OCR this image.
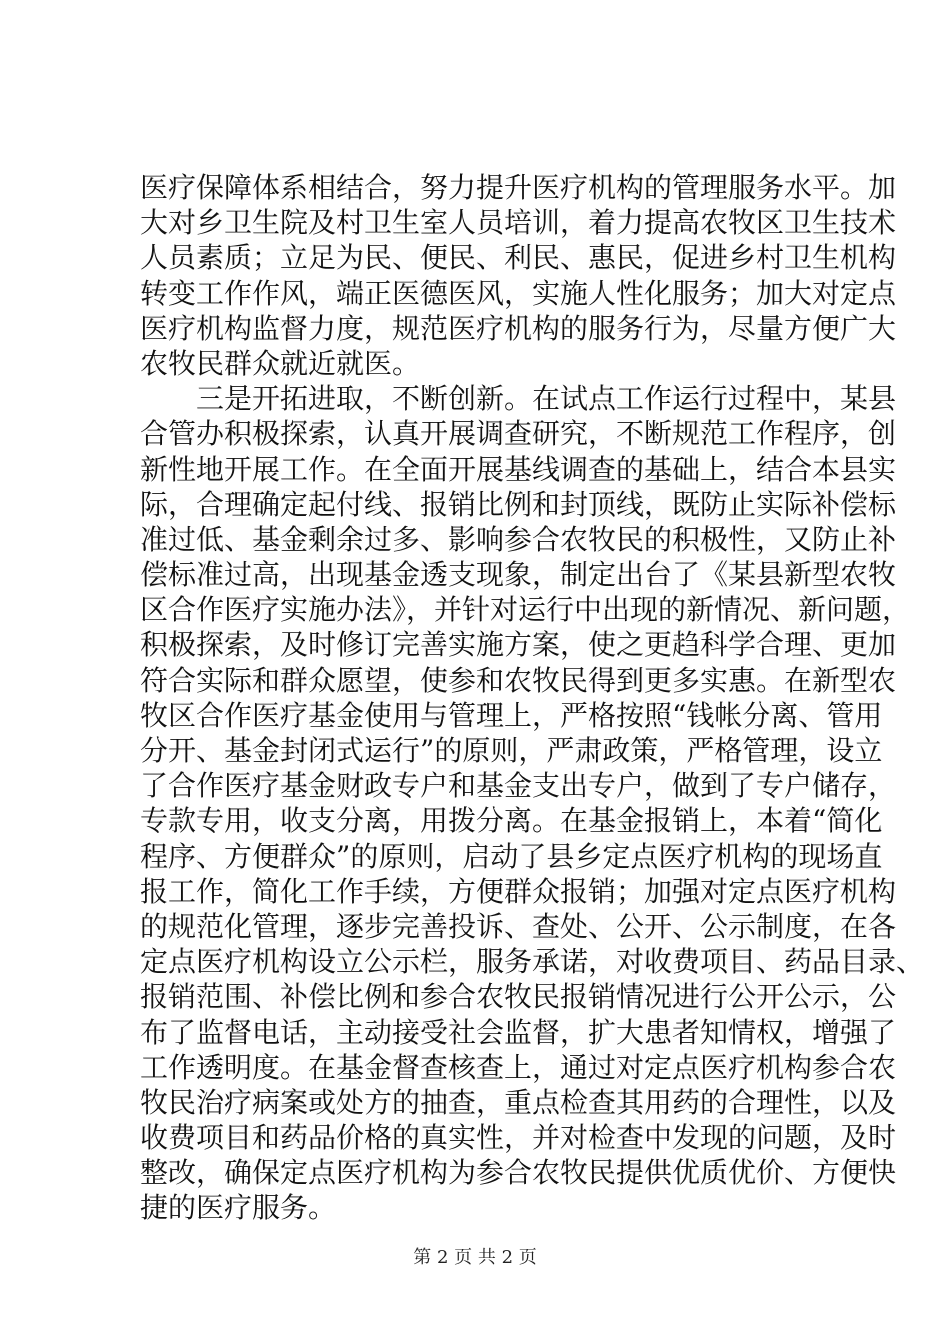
医疗保障体系相结合，努力提升医疗机构的管理服务水平。加
大对乡卫生院及村卫生室人员培训，着力提高农牧区卫生技术
人员素质；立足为民、便民、利民、惠民，促进乡村卫生机构
转变工作作风，端正医德医风，实施人性化服务；加大对定点
医疗机构监督力度，规范医疗机构的服务行为，尽量方便广大
农牧民群众就近就医。
三是开拓进取，不断创新。在试点工作运行过程中，某县
合管办积极探索，认真开展调查研究，不断规范工作程序，创
新性地开展工作。在全面开展基线调查的基础上，结合本县实
际，合理确定起付线、报销比例和封顶线，既防止实际补偿标
准过低、基金剩余过多、影响参合农牧民的积极性，又防止补
偿标准过高，出现基金透支现象，制定出台了《某县新型农牧
区合作医疗实施办法》，并针对运行中出现的新情况、新问题，
积极探索，及时修订完善实施方案，使之更趋科学合理、更加
符合实际和群众愿望，使参和农牧民得到更多实惠。在新型农
牧区合作医疗基金使用与管理上，严格按照“钱帐分离、管用
分开、基金封闭式运行”的原则，严肃政策，严格管理，设立
了合作医疗基金财政专户和基金支出专户，做到了专户储存，
专款专用，收支分离，用拨分离。在基金报销上，本着“简化
程序、方便群众”的原则，启动了县乡定点医疗机构的现场直
报工作，简化工作手续，方便群众报销；加强对定点医疗机构
的规范化管理，逐步完善投诉、查处、公开、公示制度，在各
定点医疗机构设立公示栏，服务承诺，对收费项目、药品目录、
报销范围、补偿比例和参合农牧民报销情况进行公开公示，公
布了监督电话，主动接受社会监督，扩大患者知情权，增强了
工作透明度。在基金督查核查上，通过对定点医疗机构参合农
牧民治疗病案或处方的抽查，重点检查其用药的合理性，以及
收费项目和药品价格的真实性，并对检查中发现的问题，及时
整改，确保定点医疗机构为参合农牧民提供优质优价、方便快
捷的医疗服务。
第 2 页 共 2 页
